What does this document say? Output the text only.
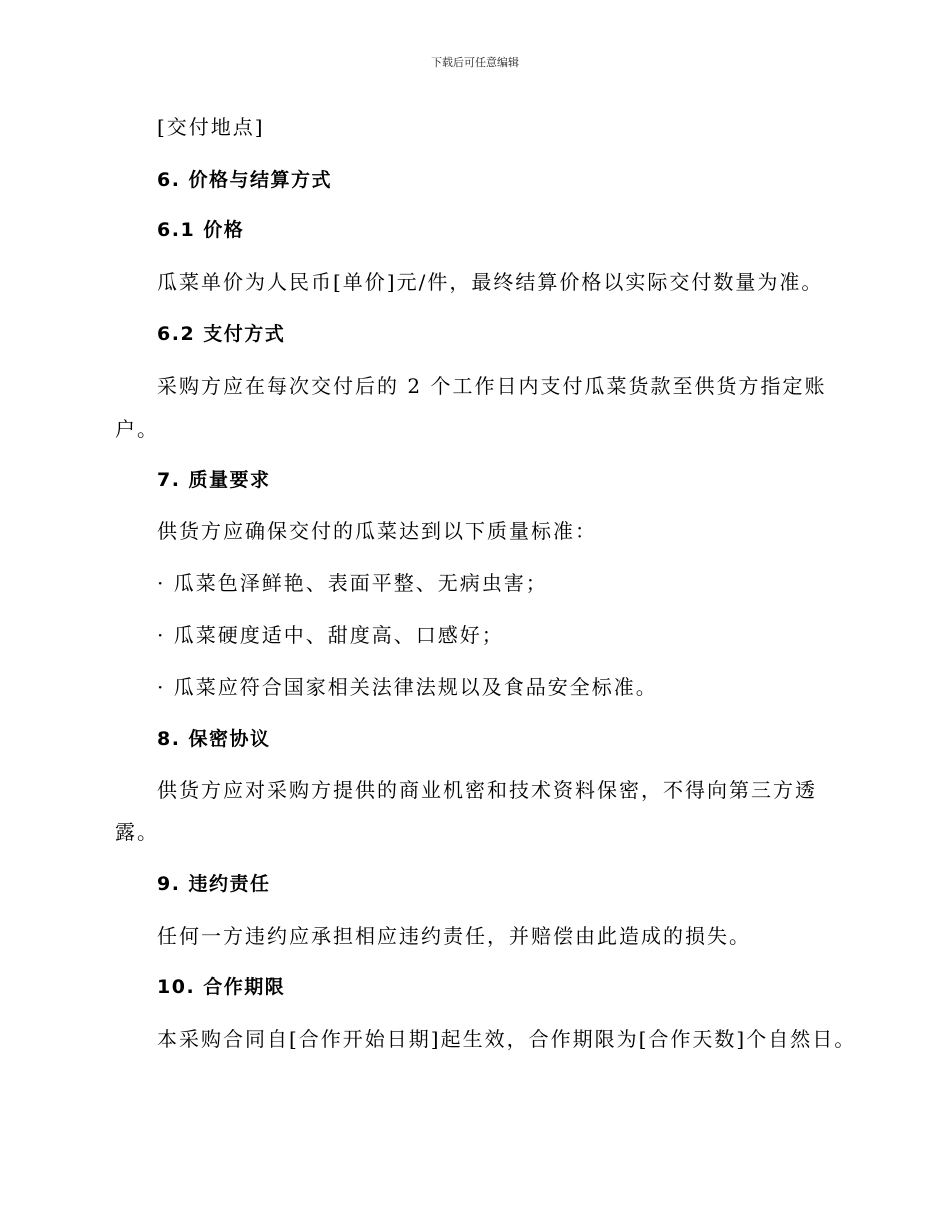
下载后可任意编辑
[交付地点]
6. 价格与结算方式
6.1 价格
瓜菜单价为人民币[单价]元/件，最终结算价格以实际交付数量为准。
6.2 支付方式
采购方应在每次交付后的 2 个工作日内支付瓜菜货款至供货方指定账
户。
7. 质量要求
供货方应确保交付的瓜菜达到以下质量标准：
· 瓜菜色泽鲜艳、表面平整、无病虫害；
· 瓜菜硬度适中、甜度高、口感好；
· 瓜菜应符合国家相关法律法规以及食品安全标准。
8. 保密协议
供货方应对采购方提供的商业机密和技术资料保密，不得向第三方透
露。
9. 违约责任
任何一方违约应承担相应违约责任，并赔偿由此造成的损失。
10. 合作期限
本采购合同自[合作开始日期]起生效，合作期限为[合作天数]个自然日。
